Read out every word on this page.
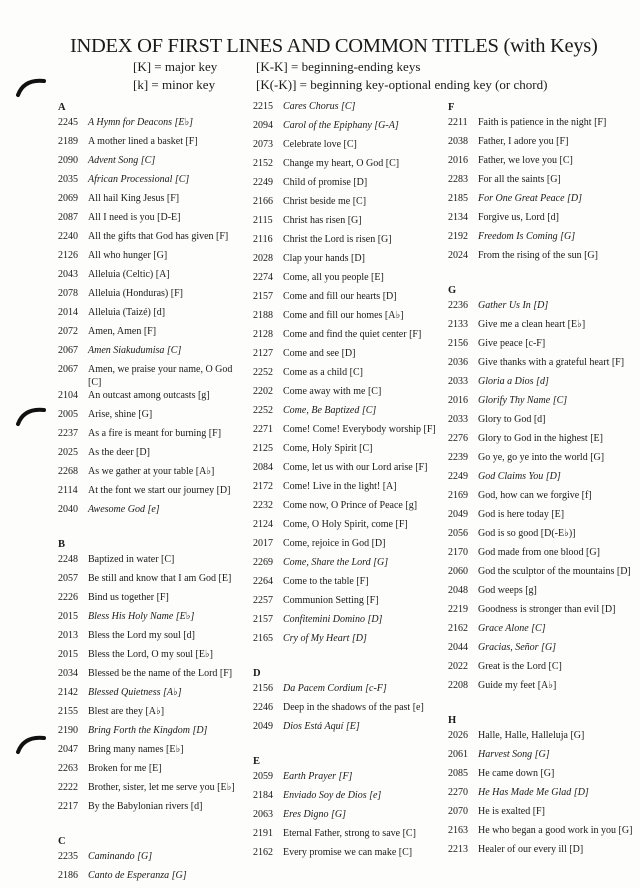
INDEX OF FIRST LINES AND COMMON TITLES (with Keys)
[K] = major key
[k] = minor key
[K-K] = beginning-ending keys
[K(-K)] = beginning key-optional ending key (or chord)
A
2245	A Hymn for Deacons [E♭]
2189	A mother lined a basket [F]
2090	Advent Song [C]
2035	African Processional [C]
2069	All hail King Jesus [F]
2087	All I need is you [D-E]
2240	All the gifts that God has given [F]
2126	All who hunger [G]
2043	Alleluia (Celtic) [A]
2078	Alleluia (Honduras) [F]
2014	Alleluia (Taizé) [d]
2072	Amen, Amen [F]
2067	Amen Siakudumisa [C]
2067	Amen, we praise your name, O God [C]
2104	An outcast among outcasts [g]
2005	Arise, shine [G]
2237	As a fire is meant for burning [F]
2025	As the deer [D]
2268	As we gather at your table [A♭]
2114	At the font we start our journey [D]
2040	Awesome God [e]
B
2248	Baptized in water [C]
2057	Be still and know that I am God [E]
2226	Bind us together [F]
2015	Bless His Holy Name [E♭]
2013	Bless the Lord my soul [d]
2015	Bless the Lord, O my soul [E♭]
2034	Blessed be the name of the Lord [F]
2142	Blessed Quietness [A♭]
2155	Blest are they [A♭]
2190	Bring Forth the Kingdom [D]
2047	Bring many names [E♭]
2263	Broken for me [E]
2222	Brother, sister, let me serve you [E♭]
2217	By the Babylonian rivers [d]
C
2235	Caminando [G]
2186	Canto de Esperanza [G]
2215	Cares Chorus [C]
2094	Carol of the Epiphany [G-A]
2073	Celebrate love [C]
2152	Change my heart, O God [C]
2249	Child of promise [D]
2166	Christ beside me [C]
2115	Christ has risen [G]
2116	Christ the Lord is risen [G]
2028	Clap your hands [D]
2274	Come, all you people [E]
2157	Come and fill our hearts [D]
2188	Come and fill our homes [A♭]
2128	Come and find the quiet center [F]
2127	Come and see [D]
2252	Come as a child [C]
2202	Come away with me [C]
2252	Come, Be Baptized [C]
2271	Come! Come! Everybody worship [F]
2125	Come, Holy Spirit [C]
2084	Come, let us with our Lord arise [F]
2172	Come! Live in the light! [A]
2232	Come now, O Prince of Peace [g]
2124	Come, O Holy Spirit, come [F]
2017	Come, rejoice in God [D]
2269	Come, Share the Lord [G]
2264	Come to the table [F]
2257	Communion Setting [F]
2157	Confitemini Domino [D]
2165	Cry of My Heart [D]
D
2156	Da Pacem Cordium [c-F]
2246	Deep in the shadows of the past [e]
2049	Dios Está Aquí [E]
E
2059	Earth Prayer [F]
2184	Enviado Soy de Dios [e]
2063	Eres Digno [G]
2191	Eternal Father, strong to save [C]
2162	Every promise we can make [C]
F
2211	Faith is patience in the night [F]
2038	Father, I adore you [F]
2016	Father, we love you [C]
2283	For all the saints [G]
2185	For One Great Peace [D]
2134	Forgive us, Lord [d]
2192	Freedom Is Coming [G]
2024	From the rising of the sun [G]
G
2236	Gather Us In [D]
2133	Give me a clean heart [E♭]
2156	Give peace [c-F]
2036	Give thanks with a grateful heart [F]
2033	Gloria a Dios [d]
2016	Glorify Thy Name [C]
2033	Glory to God [d]
2276	Glory to God in the highest [E]
2239	Go ye, go ye into the world [G]
2249	God Claims You [D]
2169	God, how can we forgive [f]
2049	God is here today [E]
2056	God is so good [D(-E♭)]
2170	God made from one blood [G]
2060	God the sculptor of the mountains [D]
2048	God weeps [g]
2219	Goodness is stronger than evil [D]
2162	Grace Alone [C]
2044	Gracias, Señor [G]
2022	Great is the Lord [C]
2208	Guide my feet [A♭]
H
2026	Halle, Halle, Halleluja [G]
2061	Harvest Song [G]
2085	He came down [G]
2270	He Has Made Me Glad [D]
2070	He is exalted [F]
2163	He who began a good work in you [G]
2213	Healer of our every ill [D]
